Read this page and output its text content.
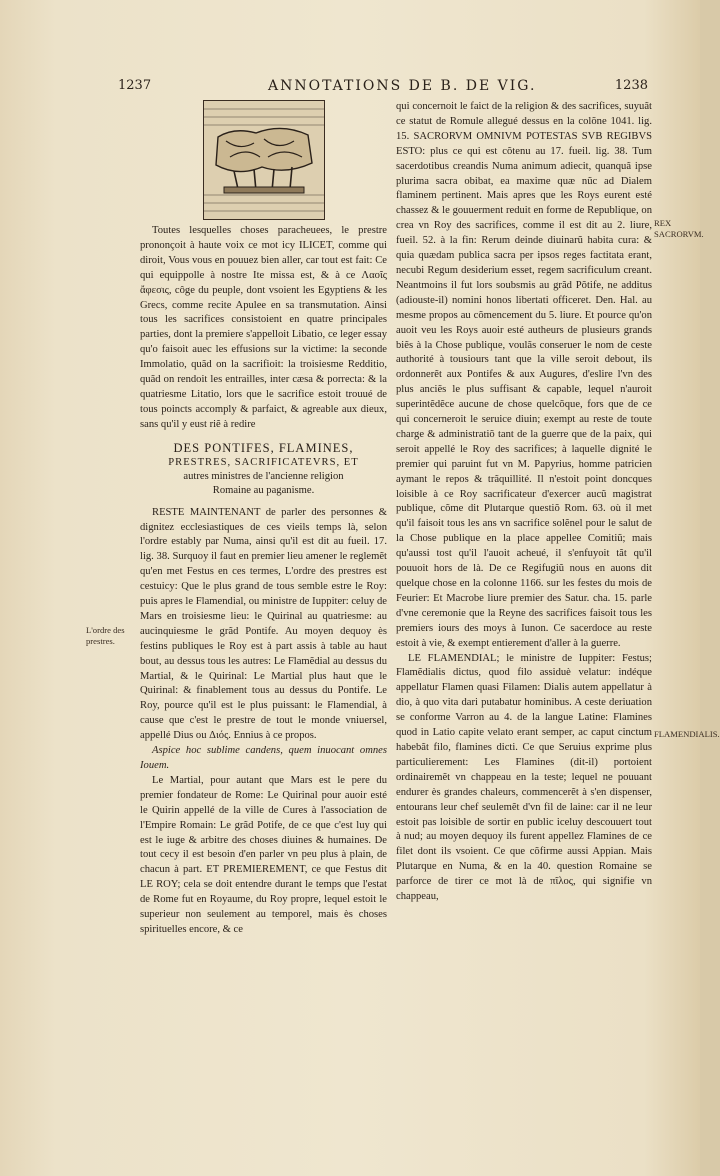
1237	ANNOTATIONS DE B. DE VIG.	1238

Toutes lesquelles choses paracheuees, le prestre prononçoit à haute voix ce mot icy ILICET, comme qui diroit, Vous vous en pouuez bien aller, car tout est fait: Ce qui equippolle à nostre Ite missa est, & à ce Λαοῖς ἄφεσις, côge du peuple, dont vsoient les Egyptiens & les Grecs, comme recite Apulee en sa transmutation. Ainsi tous les sacrifices consistoient en quatre principales parties, dont la premiere s'appelloit Libatio, ce leger essay qu'o faisoit auec les effusions sur la victime: la seconde Immolatio, quãd on la sacrifioit: la troisiesme Redditio, quãd on rendoit les entrailles, inter cæsa & porrecta: & la quatriesme Litatio, lors que le sacrifice estoit trouué de tous poincts accomply & parfaict, & agreable aux dieux, sans qu'il y eust riẽ à redire

DES PONTIFES, FLAMINES,
PRESTRES, SACRIFICATEVRS, ET
autres ministres de l'ancienne religion
Romaine au paganisme.

RESTE MAINTENANT de parler des personnes & dignitez ecclesiastiques de ces vieils temps là, selon l'ordre estably par Numa, ainsi qu'il est dit au fueil. 17. lig. 38. Surquoy il faut en premier lieu amener le reglemẽt qu'en met Festus en ces termes, L'ordre des prestres est cestuicy: Que le plus grand de tous semble estre le Roy: puis apres le Flamendial, ou ministre de Iuppiter: celuy de Mars en troisiesme lieu: le Quirinal au quatriesme: au aucinquiesme le grãd Pontife. Au moyen dequoy ès festins publiques le Roy est à part assis à table au haut bout, au dessus tous les autres: Le Flamẽdial au dessus du Martial, & le Quirinal: Le Martial plus haut que le Quirinal: & finablement tous au dessus du Pontife. Le Roy, pource qu'il est le plus puissant: le Flamendial, à cause que c'est le prestre de tout le monde vniuersel, appellé Dius ou Διός. Ennius à ce propos.

Aspice hoc sublime candens, quem inuocant omnes Iouem.

Le Martial, pour autant que Mars est le pere du premier fondateur de Rome: Le Quirinal pour auoir esté le Quirin appellé de la ville de Cures à l'association de l'Empire Romain: Le grãd Potife, de ce que c'est luy qui est le iuge & arbitre des choses diuines & humaines. De tout cecy il est besoin d'en parler vn peu plus à plain, de chacun à part. ET PREMIEREMENT, ce que Festus dit LE ROY; cela se doit entendre durant le temps que l'estat de Rome fut en Royaume, du Roy propre, lequel estoit le superieur non seulement au temporel, mais ès choses spirituelles encore, & ce

qui concernoit le faict de la religion & des sacrifices, suyuãt ce statut de Romule allegué dessus en la colõne 1041. lig. 15. SACRORVM OMNIVM POTESTAS SVB REGIBVS ESTO: plus ce qui est cõtenu au 17. fueil. lig. 38. Tum sacerdotibus creandis Numa animum adiecit, quanquã ipse plurima sacra obibat, ea maxime quæ nũc ad Dialem flaminem pertinent. Mais apres que les Roys eurent esté chassez & le gouuerment reduit en forme de Republique, on crea vn Roy des sacrifices, comme il est dit au 2. liure, fueil. 52. à la fin: Rerum deinde diuinarũ habita cura: & quia quædam publica sacra per ipsos reges factitata erant, necubi Regum desiderium esset, regem sacrificulum creant. Neantmoins il fut lors soubsmis au grãd Põtife, ne additus (adiouste-il) nomini honos libertati officeret. Den. Hal. au mesme propos au cõmencement du 5. liure. Et pource qu'on auoit veu les Roys auoir esté autheurs de plusieurs grands biẽs à la Chose publique, voulãs conseruer le nom de ceste authorité à tousiours tant que la ville seroit debout, ils ordonnerẽt aux Pontifes & aux Augures, d'eslire l'vn des plus anciẽs le plus suffisant & capable, lequel n'auroit superintẽdẽce aucune de chose quelcõque, fors que de ce qui concerneroit le seruice diuin; exempt au reste de toute charge & administratiõ tant de la guerre que de la paix, qui seroit appellé le Roy des sacrifices; à laquelle dignité le premier qui paruint fut vn M. Papyrius, homme patricien aymant le repos & trãquillité. Il n'estoit point doncques loisible à ce Roy sacrificateur d'exercer aucũ magistrat publique, cõme dit Plutarque questiõ Rom. 63. où il met qu'il faisoit tous les ans vn sacrifice solẽnel pour le salut de la Chose publique en la place appellee Comitiũ; mais qu'aussi tost qu'il l'auoit acheué, il s'enfuyoit tãt qu'il pouuoit hors de là. De ce Regifugiũ nous en auons dit quelque chose en la colonne 1166. sur les festes du mois de Feurier: Et Macrobe liure premier des Satur. cha. 15. parle d'vne ceremonie que la Reyne des sacrifices faisoit tous les premiers iours des moys à Iunon. Ce sacerdoce au reste estoit à vie, & exempt entierement d'aller à la guerre.

LE FLAMENDIAL; le ministre de Iuppiter: Festus; Flamẽdialis dictus, quod filo assiduè velatur: indéque appellatur Flamen quasi Filamen: Dialis autem appellatur à dio, à quo vita dari putabatur hominibus. A ceste deriuation se conforme Varron au 4. de la langue Latine: Flamines quod in Latio capite velato erant semper, ac caput cinctum habebãt filo, flamines dicti. Ce que Seruius exprime plus particulierement: Les Flamines (dit-il) portoient ordinairemẽt vn chappeau en la teste; lequel ne pouuant endurer ès grandes chaleurs, commencerẽt à s'en dispenser, entourans leur chef seulemẽt d'vn fil de laine: car il ne leur estoit pas loisible de sortir en public iceluy descouuert tout à nud; au moyen dequoy ils furent appellez Flamines de ce filet dont ils vsoient. Ce que cõfirme aussi Appian. Mais Plutarque en Numa, & en la 40. question Romaine se parforce de tirer ce mot là de πῖλος, qui signifie vn chappeau,

L'ordre des prestres.
REX SACRORVM.
FLAMENDIALIS.
